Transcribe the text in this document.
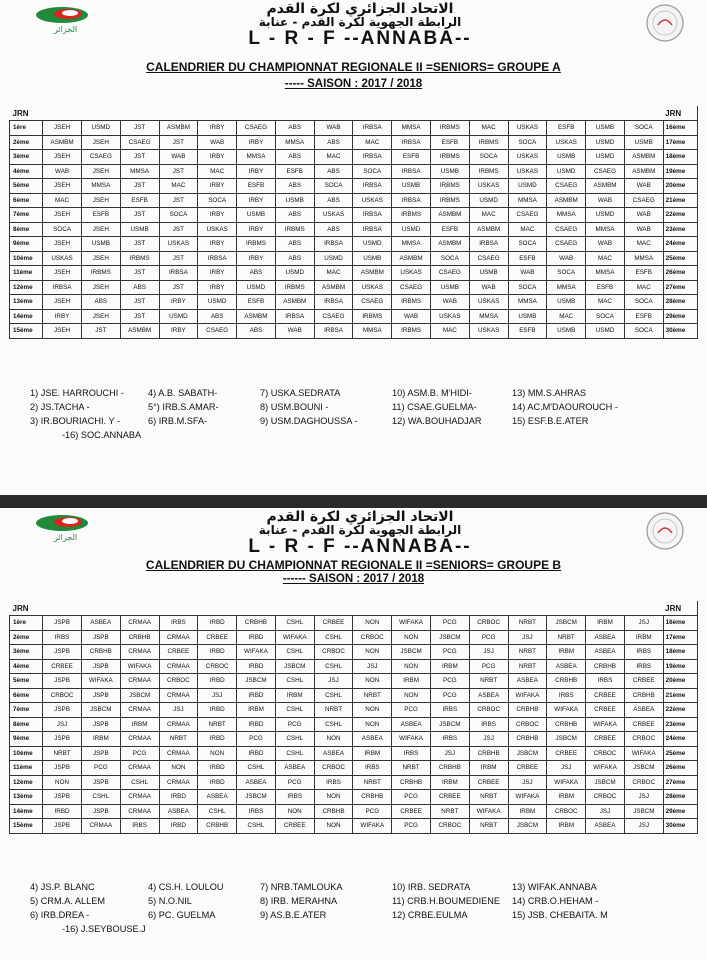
ﺍﻟﺠﺰﺍﺋﺮ
الاتحاد الجزائري لكرة القدم
الرابطة الجهوية لكرة القدم - عنابة
L - R - F --ANNABA--
CALENDRIER DU CHAMPIONNAT REGIONALE II =SENIORS= GROUPE A
----- SAISON : 2017 / 2018
JRN																	JRN
1ère	JSEH	USMD	JST	ASMBM	IRBY	CSAEG	ABS	WAB	IRBSA	MMSA	IRBMS	MAC	USKAS	ESFB	USMB	SOCA	16ème
2ème	ASMBM	JSEH	CSAEG	JST	WAB	IRBY	MMSA	ABS	MAC	IRBSA	ESFB	IRBMS	SOCA	USKAS	USMD	USMB	17ème
3ème	JSEH	CSAEG	JST	WAB	IRBY	MMSA	ABS	MAC	IRBSA	ESFB	IRBMS	SOCA	USKAS	USMB	USMD	ASMBM	18ème
4ème	WAB	JSEH	MMSA	JST	MAC	IRBY	ESFB	ABS	SOCA	IRBSA	USMB	IRBMS	USKAS	USMD	CSAEG	ASMBM	19ème
5ème	JSEH	MMSA	JST	MAC	IRBY	ESFB	ABS	SOCA	IRBSA	USMB	IRBMS	USKAS	USMD	CSAEG	ASMBM	WAB	20ème
6ème	MAC	JSEH	ESFB	JST	SOCA	IRBY	USMB	ABS	USKAS	IRBSA	IRBMS	USMD	MMSA	ASMBM	WAB	CSAEG	21ème
7ème	JSEH	ESFB	JST	SOCA	IRBY	USMB	ABS	USKAS	IRBSA	IRBMS	ASMBM	MAC	CSAEG	MMSA	USMD	WAB	22ème
8ème	SOCA	JSEH	USMB	JST	USKAS	IRBY	IRBMS	ABS	IRBSA	USMD	ESFB	ASMBM	MAC	CSAEG	MMSA	WAB	23ème
9ème	JSEH	USMB	JST	USKAS	IRBY	IRBMS	ABS	IRBSA	USMD	MMSA	ASMBM	IRBSA	SOCA	CSAEG	WAB	MAC	24ème
10ème	USKAS	JSEH	IRBMS	JST	IRBSA	IRBY	ABS	USMD	USMB	ASMBM	SOCA	CSAEG	ESFB	WAB	MAC	MMSA	25ème
11ème	JSEH	IRBMS	JST	IRBSA	IRBY	ABS	USMD	MAC	ASMBM	USKAS	CSAEG	USMB	WAB	SOCA	MMSA	ESFB	26ème
12ème	IRBSA	JSEH	ABS	JST	IRBY	USMD	IRBMS	ASMBM	USKAS	CSAEG	USMB	WAB	SOCA	MMSA	ESFB	MAC	27ème
13ème	JSEH	ABS	JST	IRBY	USMD	ESFB	ASMBM	IRBSA	CSAEG	IRBMS	WAB	USKAS	MMSA	USMB	MAC	SOCA	28ème
14ème	IRBY	JSEH	JST	USMD	ABS	ASMBM	IRBSA	CSAEG	IRBMS	WAB	USKAS	MMSA	USMB	MAC	SOCA	ESFB	29ème
15ème	JSEH	JST	ASMBM	IRBY	CSAEG	ABS	WAB	IRBSA	MMSA	IRBMS	MAC	USKAS	ESFB	USMB	USMD	SOCA	30ème
1) JSE. HARROUCHI -	4) A.B. SABATH-	7) USKA.SEDRATA	10) ASM.B. M'HIDI-	13) MM.S.AHRAS
2) JS.TACHA -	5°) IRB.S.AMAR-	8) USM.BOUNI -	11) CSAE.GUELMA-	14) AC.M'DAOUROUCH -
3) IR.BOURIACHI. Y -	6) IRB.M.SFA-	9) USM.DAGHOUSSA -	12) WA.BOUHADJAR	15) ESF.B.E.ATER
-16) SOC.ANNABA
ﺍﻟﺠﺰﺍﺋﺮ
الاتحاد الجزائري لكرة القدم
الرابطة الجهوية لكرة القدم - عنابة
L - R - F --ANNABA--
CALENDRIER DU CHAMPIONNAT REGIONALE II =SENIORS= GROUPE B
------ SAISON : 2017 / 2018
JRN																	JRN
1ère	JSPB	ASBEA	CRMAA	IRBS	IRBD	CRBHB	CSHL	CRBEE	NON	WIFAKA	PCG	CRBOC	NRBT	JSBCM	IRBM	JSJ	16ème
2ème	IRBS	JSPB	CRBHB	CRMAA	CRBEE	IRBD	WIFAKA	CSHL	CRBOC	NON	JSBCM	PCG	JSJ	NRBT	ASBEA	IRBM	17ème
3ème	JSPB	CRBHB	CRMAA	CRBEE	IRBD	WIFAKA	CSHL	CRBOC	NON	JSBCM	PCG	JSJ	NRBT	IRBM	ASBEA	IRBS	18ème
4ème	CRBEE	JSPB	WIFAKA	CRMAA	CRBOC	IRBD	JSBCM	CSHL	JSJ	NON	IRBM	PCG	NRBT	ASBEA	CRBHB	IRBS	19ème
5ème	JSPB	WIFAKA	CRMAA	CRBOC	IRBD	JSBCM	CSHL	JSJ	NON	IRBM	PCG	NRBT	ASBEA	CRBHB	IRBS	CRBEE	20ème
6ème	CRBOC	JSPB	JSBCM	CRMAA	JSJ	IRBD	IRBM	CSHL	NRBT	NON	PCG	ASBEA	WIFAKA	IRBS	CRBEE	CRBHB	21ème
7ème	JSPB	JSBCM	CRMAA	JSJ	IRBD	IRBM	CSHL	NRBT	NON	PCG	IRBS	CRBOC	CRBHB	WIFAKA	CRBEE	ASBEA	22ème
8ème	JSJ	JSPB	IRBM	CRMAA	NRBT	IRBD	PCG	CSHL	NON	ASBEA	JSBCM	IRBS	CRBOC	CRBHB	WIFAKA	CRBEE	23ème
9ème	JSPB	IRBM	CRMAA	NRBT	IRBD	PCG	CSHL	NON	ASBEA	WIFAKA	IRBS	JSJ	CRBHB	JSBCM	CRBEE	CRBOC	24ème
10ème	NRBT	JSPB	PCG	CRMAA	NON	IRBD	CSHL	ASBEA	IRBM	IRBS	JSJ	CRBHB	JSBCM	CRBEE	CRBOC	WIFAKA	25ème
11ème	JSPB	PCG	CRMAA	NON	IRBD	CSHL	ASBEA	CRBOC	IRBS	NRBT	CRBHB	IRBM	CRBEE	JSJ	WIFAKA	JSBCM	26ème
12ème	NON	JSPB	CSHL	CRMAA	IRBD	ASBEA	PCG	IRBS	NRBT	CRBHB	IRBM	CRBEE	JSJ	WIFAKA	JSBCM	CRBOC	27ème
13ème	JSPB	CSHL	CRMAA	IRBD	ASBEA	JSBCM	IRBS	NON	CRBHB	PCG	CRBEE	NRBT	WIFAKA	IRBM	CRBOC	JSJ	28ème
14ème	IRBD	JSPB	CRMAA	ASBEA	CSHL	IRBS	NON	CRBHB	PCG	CRBEE	NRBT	WIFAKA	IRBM	CRBOC	JSJ	JSBCM	29ème
15ème	JSPB	CRMAA	IRBS	IRBD	CRBHB	CSHL	CRBEE	NON	WIFAKA	PCG	CRBOC	NRBT	JSBCM	IRBM	ASBEA	JSJ	30ème
4) JS.P. BLANC	4) CS.H. LOULOU	7) NRB.TAMLOUKA	10) IRB. SEDRATA	13) WIFAK.ANNABA
5) CRM.A. ALLEM	5) N.O.NIL	8) IRB. MERAHNA	11) CRB.H.BOUMEDIENE 14) CRB.O.HEHAM -
6) IRB.DREA -	6) PC. GUELMA	9) AS.B.E.ATER	12) CRBE.EULMA	15) JSB. CHEBAITA. M
-16) J.SEYBOUSE.J
